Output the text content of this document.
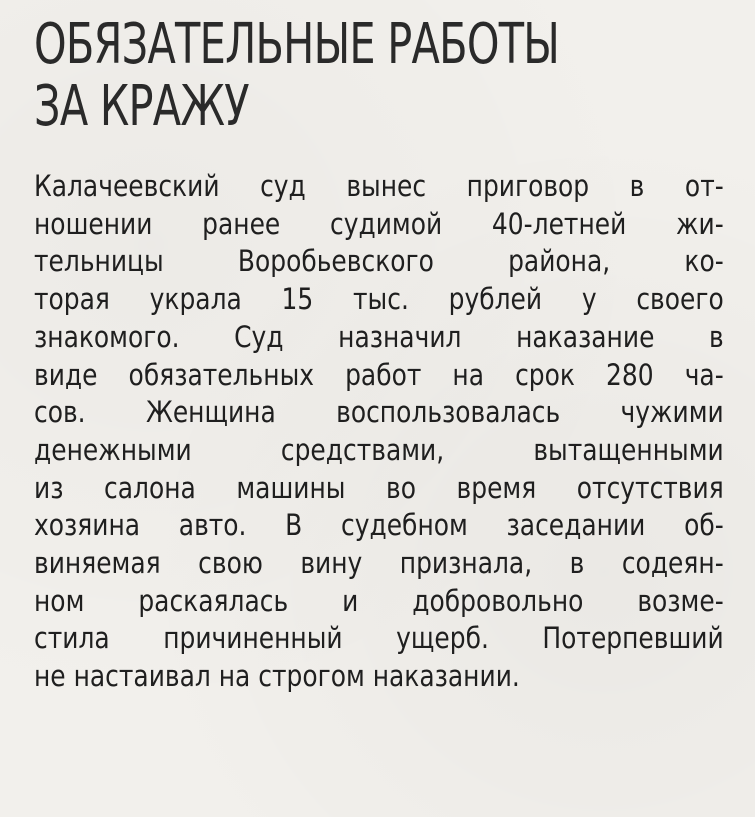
ОБЯЗАТЕЛЬНЫЕ РАБОТЫ
ЗА КРАЖУ
Калачеевский суд вынес приговор в от-
ношении ранее судимой 40-летней жи-
тельницы Воробьевского района, ко-
торая украла 15 тыс. рублей у своего
знакомого. Суд назначил наказание в
виде обязательных работ на срок 280 ча-
сов. Женщина воспользовалась чужими
денежными средствами, вытащенными
из салона машины во время отсутствия
хозяина авто. В судебном заседании об-
виняемая свою вину признала, в содеян-
ном раскаялась и добровольно возме-
стила причиненный ущерб. Потерпевший
не настаивал на строгом наказании.
